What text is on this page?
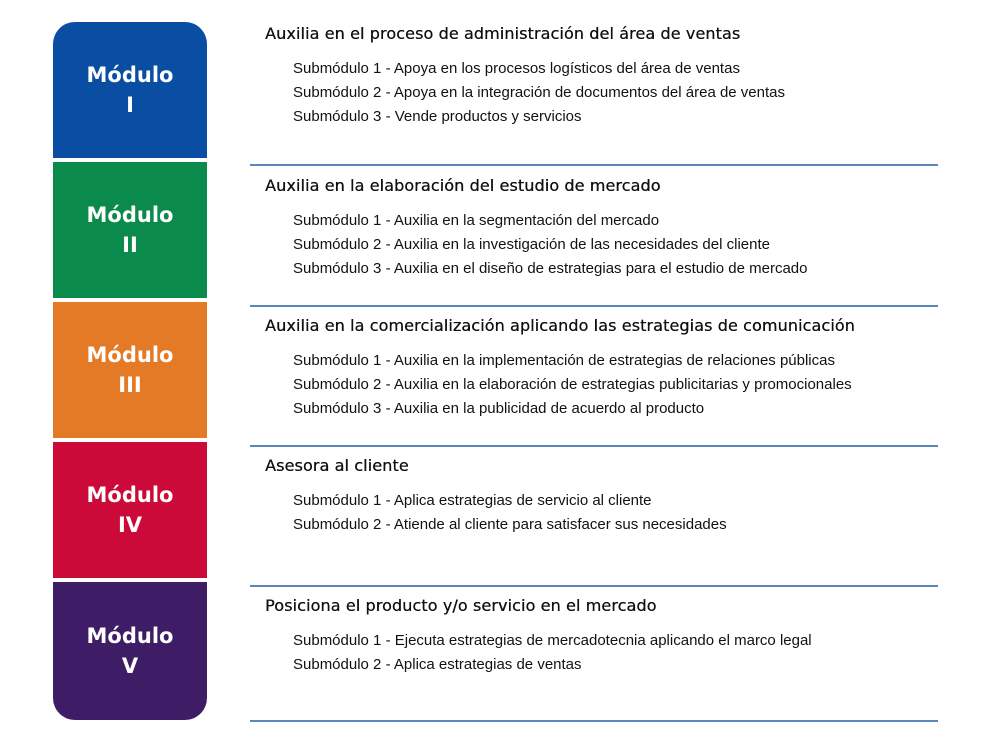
Módulo
I
Módulo
II
Módulo
III
Módulo
IV
Módulo
V
Auxilia en el proceso de administración del área de ventas
Submódulo 1 - Apoya en los procesos logísticos del área de ventas
Submódulo 2 - Apoya en la integración de documentos del área de ventas
Submódulo 3 - Vende productos y servicios
Auxilia en la elaboración del estudio de mercado
Submódulo 1 - Auxilia en la segmentación del mercado
Submódulo 2 - Auxilia en la investigación de las necesidades del cliente
Submódulo 3 - Auxilia en el diseño de estrategias para el estudio de mercado
Auxilia en la comercialización aplicando las estrategias de comunicación
Submódulo 1 - Auxilia en la implementación de estrategias de relaciones públicas
Submódulo 2 - Auxilia en la elaboración de estrategias publicitarias y promocionales
Submódulo 3 - Auxilia en la publicidad de acuerdo al producto
Asesora al cliente
Submódulo 1 - Aplica estrategias de servicio al cliente
Submódulo 2 - Atiende al cliente para satisfacer sus necesidades
Posiciona el producto y/o servicio en el mercado
Submódulo 1 - Ejecuta estrategias de mercadotecnia aplicando el marco legal
Submódulo 2 - Aplica estrategias de ventas
